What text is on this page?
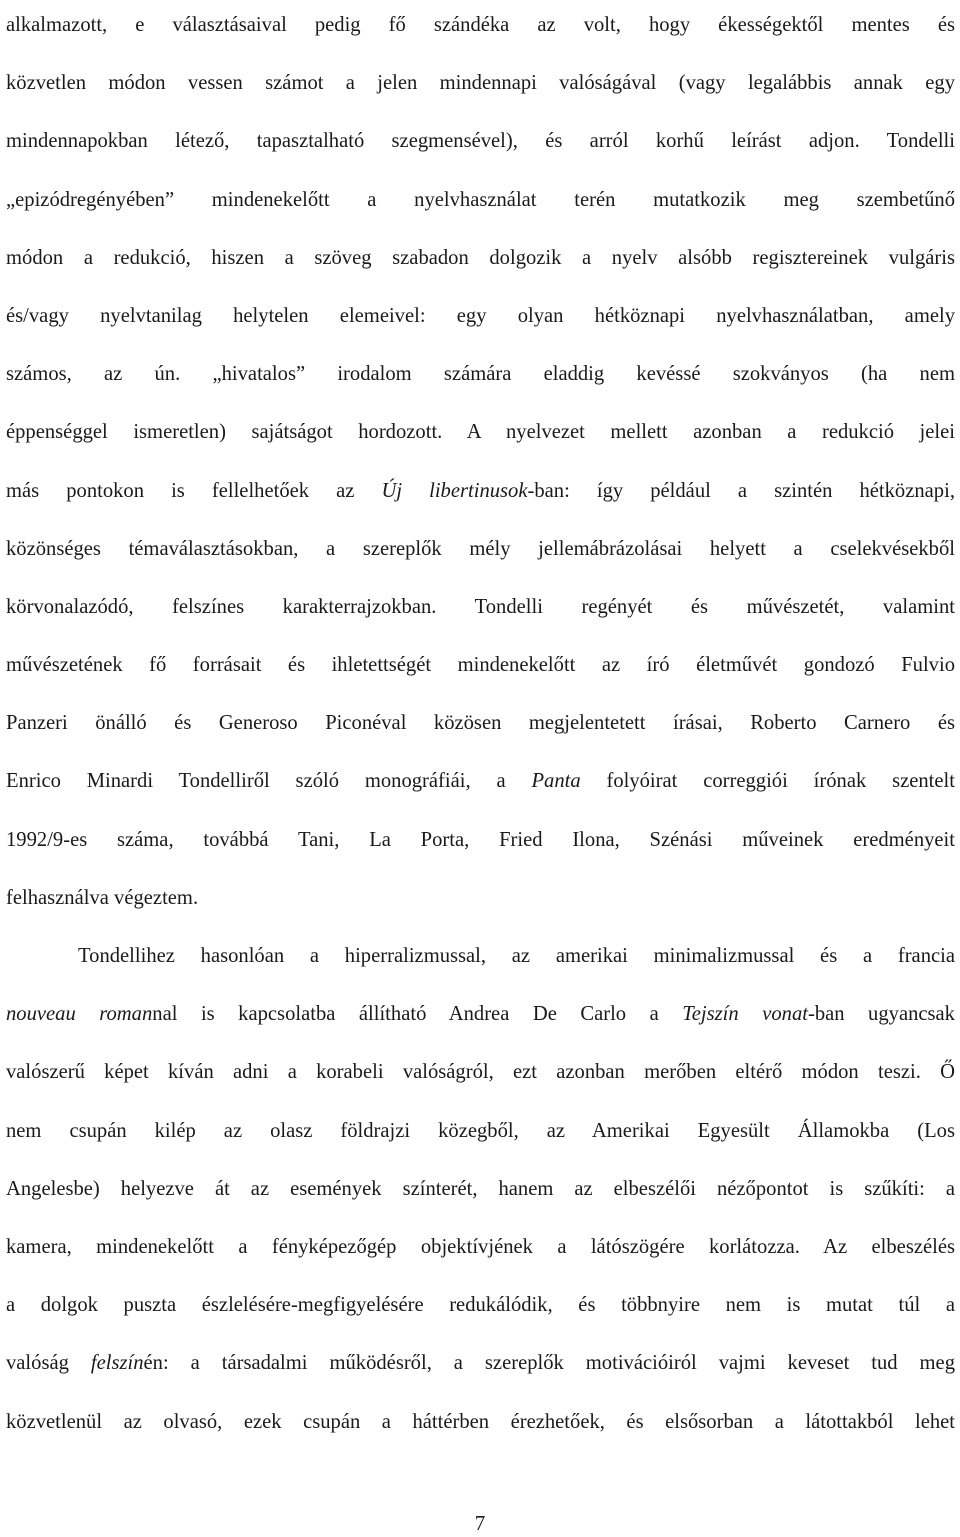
alkalmazott, e választásaival pedig fő szándéka az volt, hogy ékességektől mentes és
közvetlen módon vessen számot a jelen mindennapi valóságával (vagy legalábbis annak egy
mindennapokban létező, tapasztalható szegmensével), és arról korhű leírást adjon. Tondelli
„epizódregényében” mindenekelőtt a nyelvhasználat terén mutatkozik meg szembetűnő
módon a redukció, hiszen a szöveg szabadon dolgozik a nyelv alsóbb regisztereinek vulgáris
és/vagy nyelvtanilag helytelen elemeivel: egy olyan hétköznapi nyelvhasználatban, amely
számos, az ún. „hivatalos” irodalom számára eladdig kevéssé szokványos (ha nem
éppenséggel ismeretlen) sajátságot hordozott. A nyelvezet mellett azonban a redukció jelei
más pontokon is fellelhetőek az Új libertinusok-ban: így például a szintén hétköznapi,
közönséges témaválasztásokban, a szereplők mély jellemábrázolásai helyett a cselekvésekből
körvonalazódó, felszínes karakterrajzokban. Tondelli regényét és művészetét, valamint
művészetének fő forrásait és ihletettségét mindenekelőtt az író életművét gondozó Fulvio
Panzeri önálló és Generoso Piconéval közösen megjelentetett írásai, Roberto Carnero és
Enrico Minardi Tondelliről szóló monográfiái, a Panta folyóirat correggiói írónak szentelt
1992/9-es száma, továbbá Tani, La Porta, Fried Ilona, Szénási műveinek eredményeit
felhasználva végeztem.
Tondellihez hasonlóan a hiperralizmussal, az amerikai minimalizmussal és a francia
nouveau romannal is kapcsolatba állítható Andrea De Carlo a Tejszín vonat-ban ugyancsak
valószerű képet kíván adni a korabeli valóságról, ezt azonban merőben eltérő módon teszi. Ő
nem csupán kilép az olasz földrajzi közegből, az Amerikai Egyesült Államokba (Los
Angelesbe) helyezve át az események színterét, hanem az elbeszélői nézőpontot is szűkíti: a
kamera, mindenekelőtt a fényképezőgép objektívjének a látószögére korlátozza. Az elbeszélés
a dolgok puszta észlelésére-megfigyelésére redukálódik, és többnyire nem is mutat túl a
valóság felszínén: a társadalmi működésről, a szereplők motivációiról vajmi keveset tud meg
közvetlenül az olvasó, ezek csupán a háttérben érezhetőek, és elsősorban a látottakból lehet
7
